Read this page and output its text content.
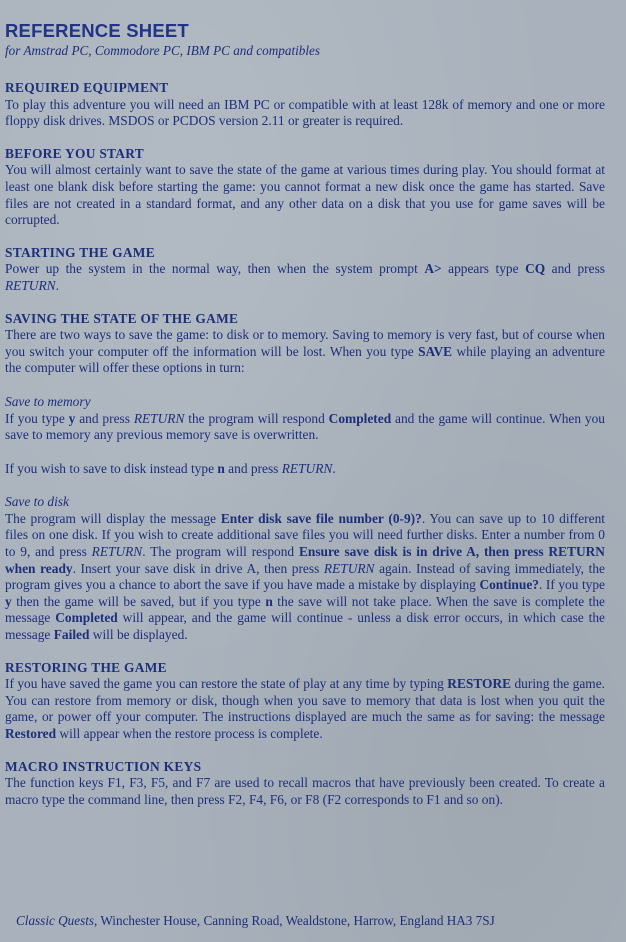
REFERENCE SHEET
for Amstrad PC, Commodore PC, IBM PC and compatibles
REQUIRED EQUIPMENT

To play this adventure you will need an IBM PC or compatible with at least 128k of memory and one or more floppy disk drives. MSDOS or PCDOS version 2.11 or greater is required.

BEFORE YOU START

You will almost certainly want to save the state of the game at various times during play. You should format at least one blank disk before starting the game: you cannot format a new disk once the game has started. Save files are not created in a standard format, and any other data on a disk that you use for game saves will be corrupted.

STARTING THE GAME

Power up the system in the normal way, then when the system prompt A> appears type CQ and press RETURN.

SAVING THE STATE OF THE GAME

There are two ways to save the game: to disk or to memory. Saving to memory is very fast, but of course when you switch your computer off the information will be lost. When you type SAVE while playing an adventure the computer will offer these options in turn:

Save to memory

If you type y and press RETURN the program will respond Completed and the game will continue. When you save to memory any previous memory save is overwritten.

If you wish to save to disk instead type n and press RETURN.

Save to disk

The program will display the message Enter disk save file number (0-9)?. You can save up to 10 different files on one disk. If you wish to create additional save files you will need further disks. Enter a number from 0 to 9, and press RETURN. The program will respond Ensure save disk is in drive A, then press RETURN when ready. Insert your save disk in drive A, then press RETURN again. Instead of saving immediately, the program gives you a chance to abort the save if you have made a mistake by displaying Continue?. If you type y then the game will be saved, but if you type n the save will not take place. When the save is complete the message Completed will appear, and the game will continue - unless a disk error occurs, in which case the message Failed will be displayed.

RESTORING THE GAME

If you have saved the game you can restore the state of play at any time by typing RESTORE during the game. You can restore from memory or disk, though when you save to memory that data is lost when you quit the game, or power off your computer. The instructions displayed are much the same as for saving: the message Restored will appear when the restore process is complete.

MACRO INSTRUCTION KEYS

The function keys F1, F3, F5, and F7 are used to recall macros that have previously been created. To create a macro type the command line, then press F2, F4, F6, or F8 (F2 corresponds to F1 and so on).

Classic Quests, Winchester House, Canning Road, Wealdstone, Harrow, England HA3 7SJ
